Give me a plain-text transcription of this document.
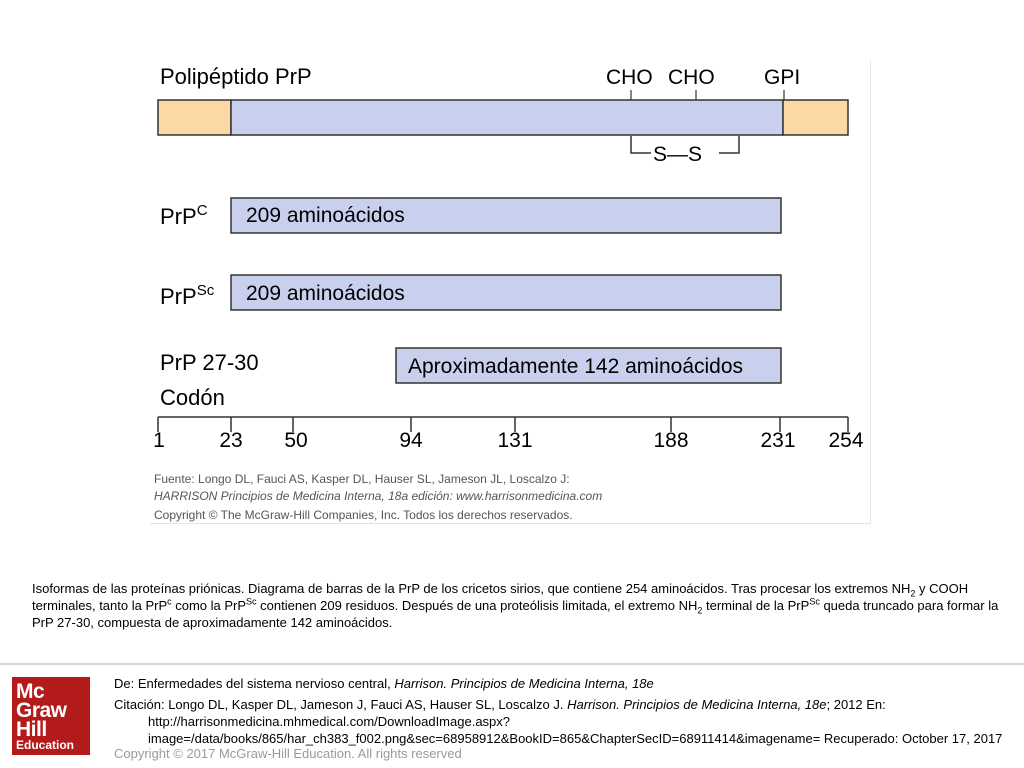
Polipéptido PrP	CHO CHO GPI
S—S
PrP$^C$ 209 aminoácidos
PrP$^{Sc}$ 209 aminoácidos
PrP 27-30	Aproximadamente 142 aminoácidos
Codón
1	23 50	94	131	188	231 254
Fuente: Longo DL, Fauci AS, Kasper DL, Hauser SL, Jameson JL, Loscalzo J:
HARRISON Principios de Medicina Interna, 18a edición: www.harrisonmedicina.com
Copyright © The McGraw-Hill Companies, Inc. Todos los derechos reservados.
Isoformas de las proteínas priónicas. Diagrama de barras de la PrP de los cricetos sirios, que contiene 254 aminoácidos. Tras procesar los extremos $NH_2$ y COOH terminales, tanto la PrP$^c$ como la PrP$^{Sc}$ contienen 209 residuos. Después de una proteólisis limitada, el extremo $NH_2$ terminal de la PrP$^{Sc}$ queda truncado para formar la PrP 27-30, compuesta de aproximadamente 142 aminoácidos.
Mc
Graw
Hill
Education

De: Enfermedades del sistema nervioso central, Harrison. Principios de Medicina Interna, 18e

Citación: Longo DL, Kasper DL, Jameson J, Fauci AS, Hauser SL, Loscalzo J. Harrison. Principios de Medicina Interna, 18e; 2012 En: http://harrisonmedicina.mhmedical.com/DownloadImage.aspx?image=/data/books/865/har_ch383_f002.png&sec=68958912&BookID=865&ChapterSecID=68911414&imagename= Recuperado: October 17, 2017

Copyright © 2017 McGraw-Hill Education. All rights reserved
